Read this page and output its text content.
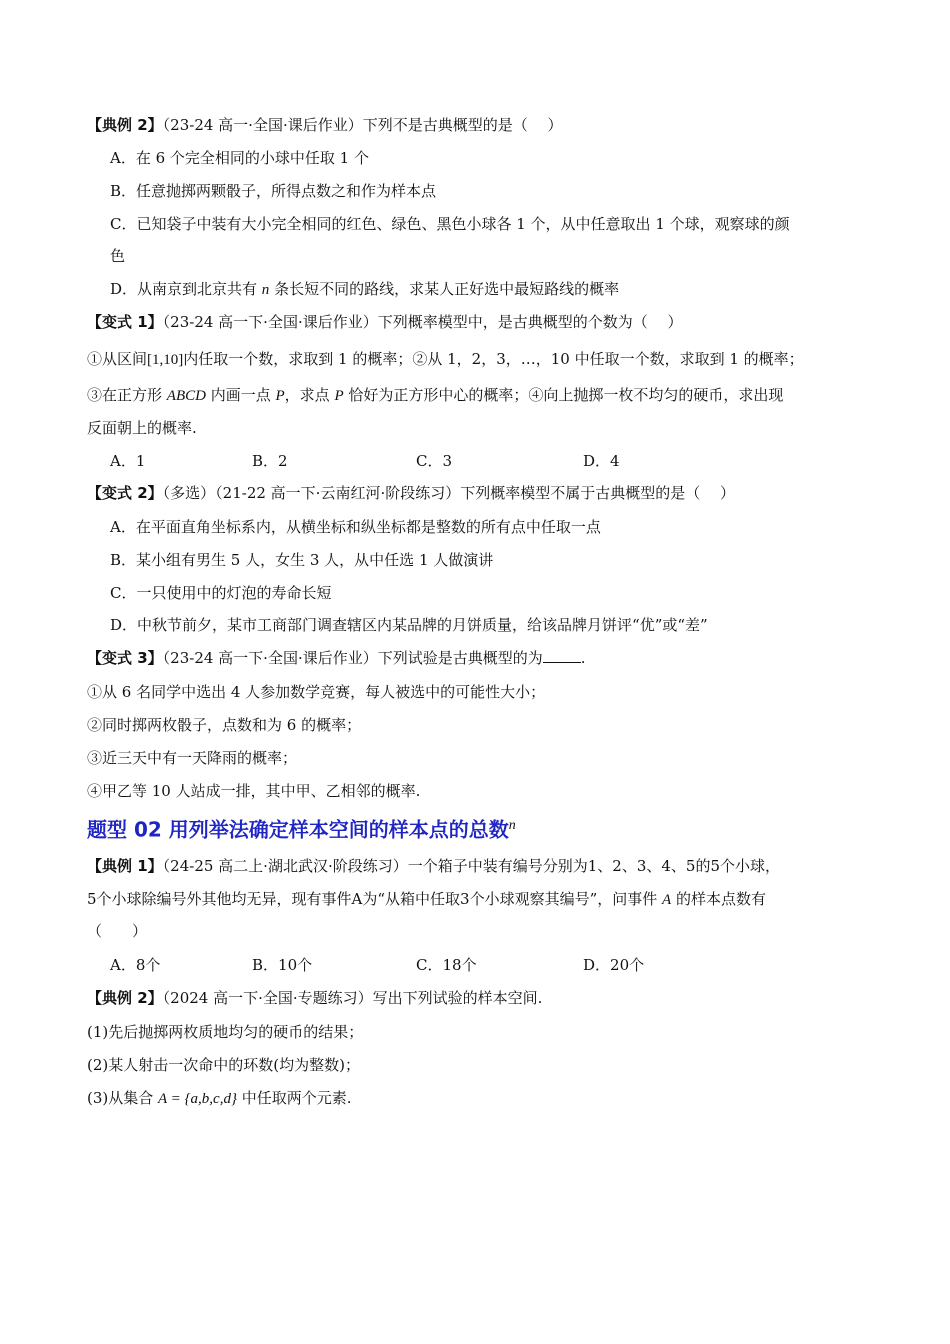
【典例 2】（23-24 高一·全国·课后作业）下列不是古典概型的是（　 ）
A．在 6 个完全相同的小球中任取 1 个
B．任意抛掷两颗骰子，所得点数之和作为样本点
C．已知袋子中装有大小完全相同的红色、绿色、黑色小球各 1 个，从中任意取出 1 个球，观察球的颜
色
D．从南京到北京共有 n 条长短不同的路线，求某人正好选中最短路线的概率
【变式 1】（23-24 高一下·全国·课后作业）下列概率模型中，是古典概型的个数为（　 ）
①从区间[1,10]内任取一个数，求取到 1 的概率；②从 1，2，3，…，10 中任取一个数，求取到 1 的概率；
③在正方形 ABCD 内画一点 P，求点 P 恰好为正方形中心的概率；④向上抛掷一枚不均匀的硬币，求出现
反面朝上的概率.
A．1	B．2	C．3	D．4
【变式 2】（多选）（21-22 高一下·云南红河·阶段练习）下列概率模型不属于古典概型的是（　 ）
A．在平面直角坐标系内，从横坐标和纵坐标都是整数的所有点中任取一点
B．某小组有男生 5 人，女生 3 人，从中任选 1 人做演讲
C．一只使用中的灯泡的寿命长短
D．中秋节前夕，某市工商部门调查辖区内某品牌的月饼质量，给该品牌月饼评“优”或“差”
【变式 3】（23-24 高一下·全国·课后作业）下列试验是古典概型的为	.
①从 6 名同学中选出 4 人参加数学竞赛，每人被选中的可能性大小；
②同时掷两枚骰子，点数和为 6 的概率；
③近三天中有一天降雨的概率；
④甲乙等 10 人站成一排，其中甲、乙相邻的概率.
题型 02 用列举法确定样本空间的样本点的总数$^n$
【典例 1】（24-25 高二上·湖北武汉·阶段练习）一个箱子中装有编号分别为1、2、3、4、5的5个小球，
5个小球除编号外其他均无异，现有事件A为“从箱中任取3个小球观察其编号”，问事件 A 的样本点数有
（　　）
A．8个	B．10个	C．18个	D．20个
【典例 2】（2024 高一下·全国·专题练习）写出下列试验的样本空间.
(1)先后抛掷两枚质地均匀的硬币的结果；
(2)某人射击一次命中的环数(均为整数)；
(3)从集合 A = {a,b,c,d} 中任取两个元素.
